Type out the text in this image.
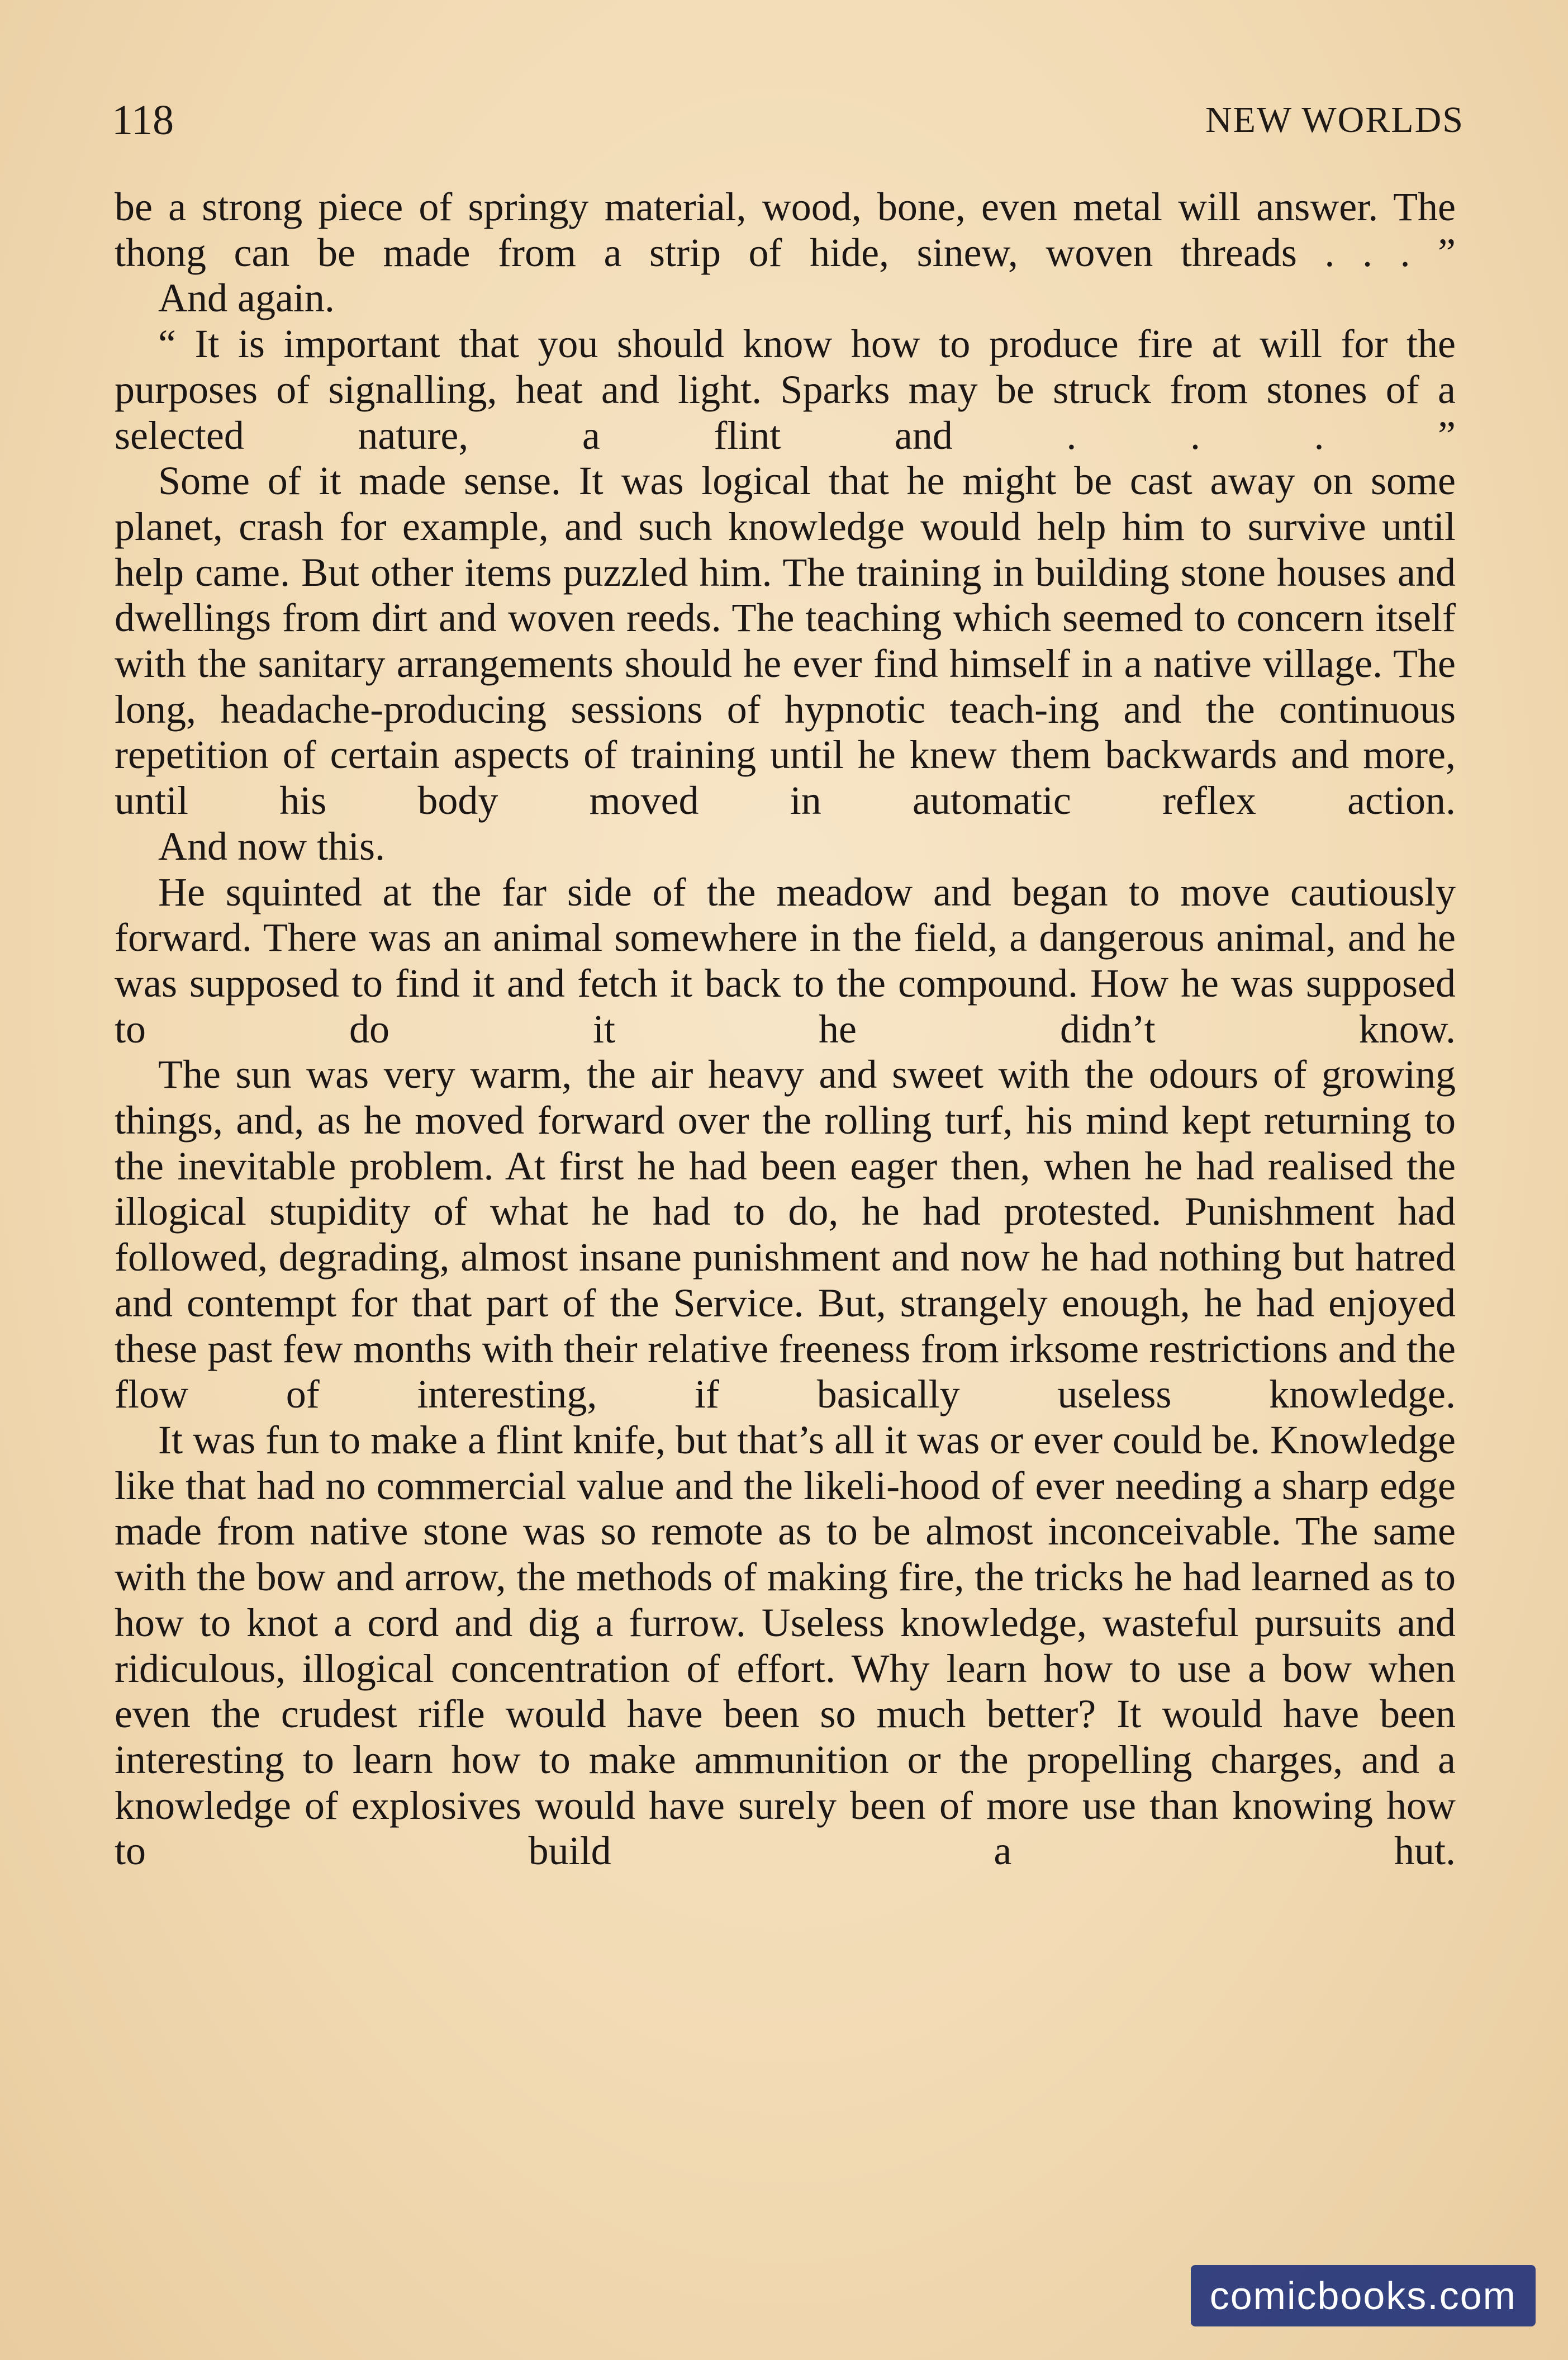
118	NEW WORLDS

be a strong piece of springy material, wood, bone, even metal will answer. The thong can be made from a strip of hide, sinew, woven threads . . . ”

And again.

“ It is important that you should know how to produce fire at will for the purposes of signalling, heat and light. Sparks may be struck from stones of a selected nature, a flint and . . . ”

Some of it made sense. It was logical that he might be cast away on some planet, crash for example, and such knowledge would help him to survive until help came. But other items puzzled him. The training in building stone houses and dwellings from dirt and woven reeds. The teaching which seemed to concern itself with the sanitary arrangements should he ever find himself in a native village. The long, headache-producing sessions of hypnotic teach-ing and the continuous repetition of certain aspects of training until he knew them backwards and more, until his body moved in automatic reflex action.

And now this.

He squinted at the far side of the meadow and began to move cautiously forward. There was an animal somewhere in the field, a dangerous animal, and he was supposed to find it and fetch it back to the compound. How he was supposed to do it he didn’t know.

The sun was very warm, the air heavy and sweet with the odours of growing things, and, as he moved forward over the rolling turf, his mind kept returning to the inevitable problem. At first he had been eager then, when he had realised the illogical stupidity of what he had to do, he had protested. Punishment had followed, degrading, almost insane punishment and now he had nothing but hatred and contempt for that part of the Service. But, strangely enough, he had enjoyed these past few months with their relative freeness from irksome restrictions and the flow of interesting, if basically useless knowledge.

It was fun to make a flint knife, but that’s all it was or ever could be. Knowledge like that had no commercial value and the likeli-hood of ever needing a sharp edge made from native stone was so remote as to be almost inconceivable. The same with the bow and arrow, the methods of making fire, the tricks he had learned as to how to knot a cord and dig a furrow. Useless knowledge, wasteful pursuits and ridiculous, illogical concentration of effort. Why learn how to use a bow when even the crudest rifle would have been so much better? It would have been interesting to learn how to make ammunition or the propelling charges, and a knowledge of explosives would have surely been of more use than knowing how to build a hut.

comicbooks.com
